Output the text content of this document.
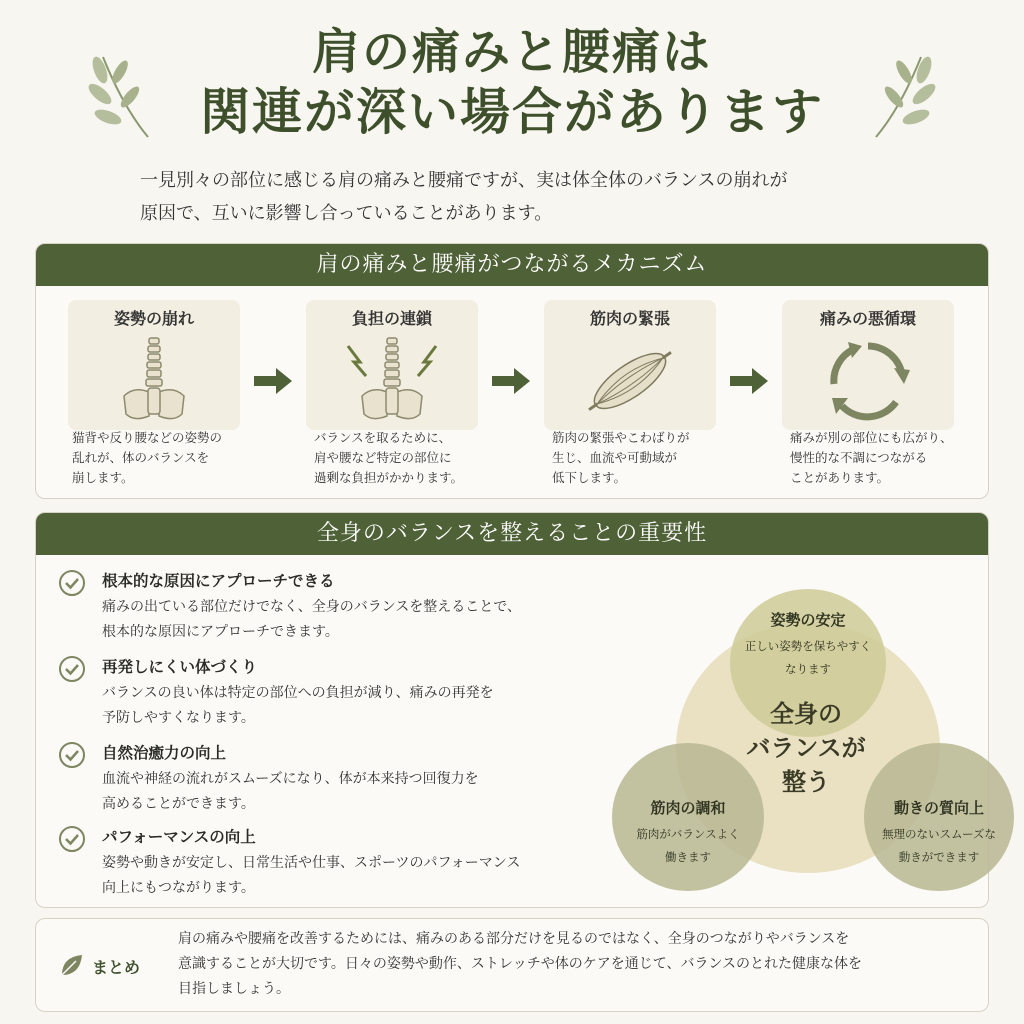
肩の痛みと腰痛は
関連が深い場合があります
一見別々の部位に感じる肩の痛みと腰痛ですが、実は体全体のバランスの崩れが
原因で、互いに影響し合っていることがあります。
肩の痛みと腰痛がつながるメカニズム
姿勢の崩れ
猫背や反り腰などの姿勢の
乱れが、体のバランスを
崩します。
負担の連鎖
バランスを取るために、
肩や腰など特定の部位に
過剰な負担がかかります。
筋肉の緊張
筋肉の緊張やこわばりが
生じ、血流や可動域が
低下します。
痛みの悪循環
痛みが別の部位にも広がり、
慢性的な不調につながる
ことがあります。
全身のバランスを整えることの重要性
根本的な原因にアプローチできる
痛みの出ている部位だけでなく、全身のバランスを整えることで、
根本的な原因にアプローチできます。
再発しにくい体づくり
バランスの良い体は特定の部位への負担が減り、痛みの再発を
予防しやすくなります。
自然治癒力の向上
血流や神経の流れがスムーズになり、体が本来持つ回復力を
高めることができます。
パフォーマンスの向上
姿勢や動きが安定し、日常生活や仕事、スポーツのパフォーマンス
向上にもつながります。
全身の
バランスが
整う
姿勢の安定
正しい姿勢を保ちやすく
なります
筋肉の調和
筋肉がバランスよく
働きます
動きの質向上
無理のないスムーズな
動きができます
まとめ
肩の痛みや腰痛を改善するためには、痛みのある部分だけを見るのではなく、全身のつながりやバランスを
意識することが大切です。日々の姿勢や動作、ストレッチや体のケアを通じて、バランスのとれた健康な体を
目指しましょう。
